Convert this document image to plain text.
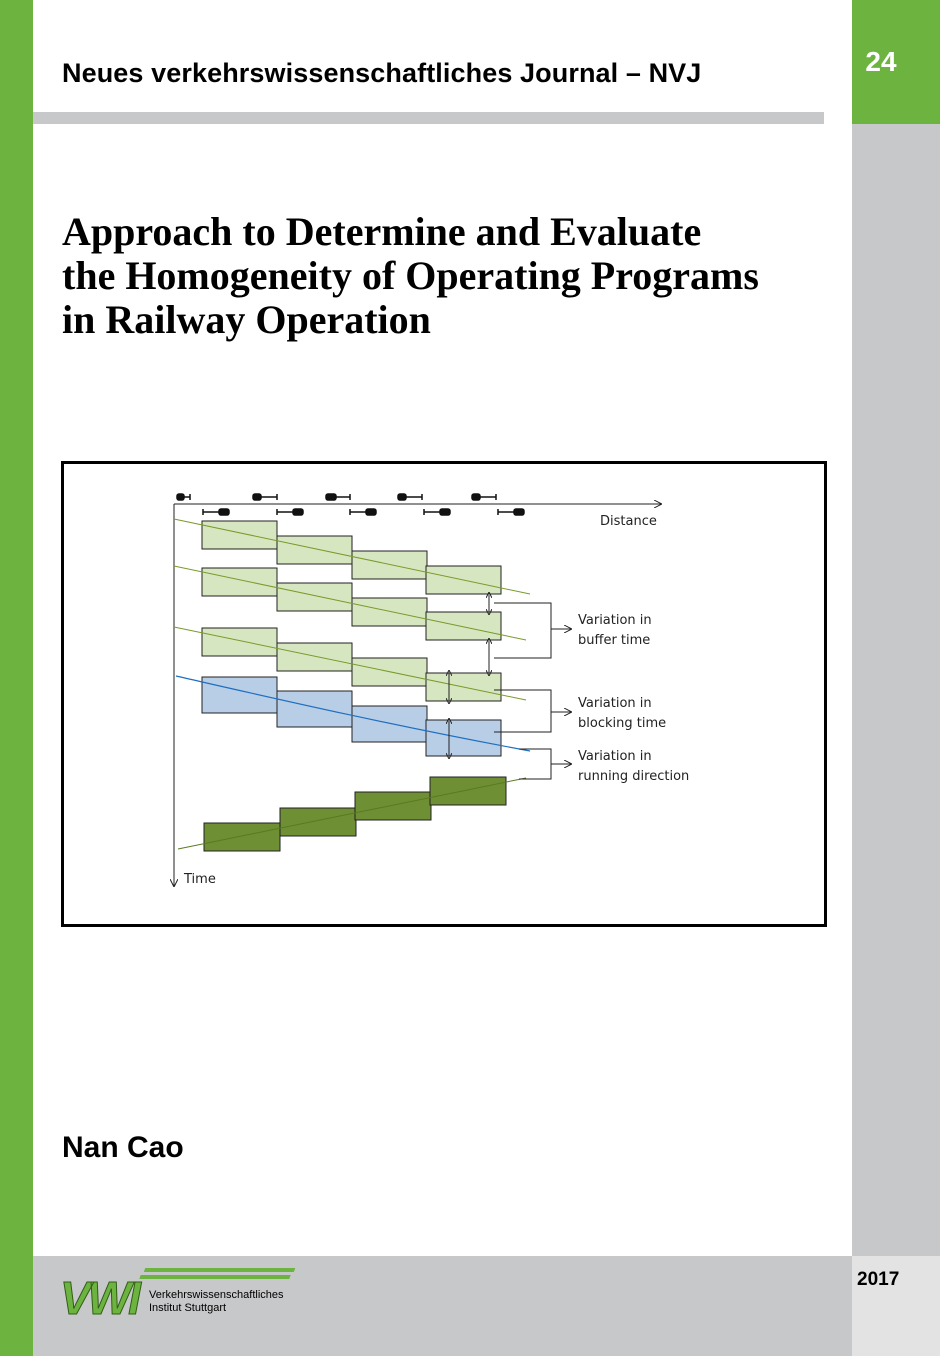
24
Neues verkehrswissenschaftliches Journal – NVJ
Approach to Determine and Evaluate
the Homogeneity of Operating Programs
in Railway Operation
Distance
Time
Variation in
buffer time
Variation in
blocking time
Variation in
running direction
Nan Cao
2017
VWI	Verkehrswissenschaftliches
Institut Stuttgart
